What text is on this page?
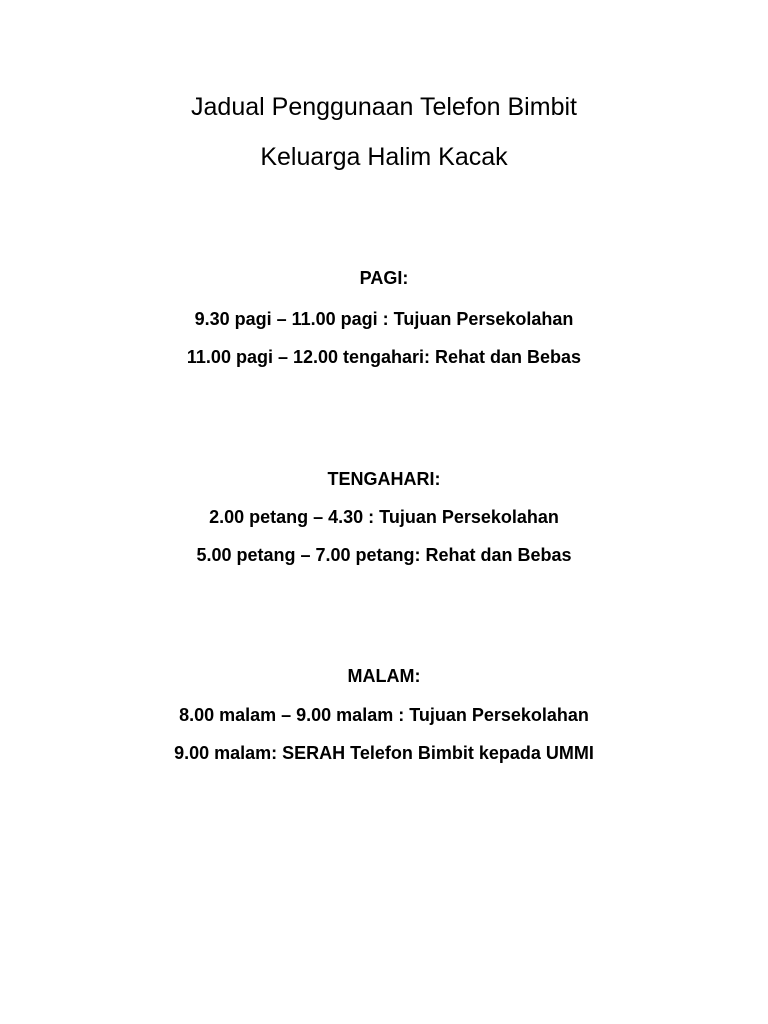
Jadual Penggunaan Telefon Bimbit
Keluarga Halim Kacak
PAGI:
9.30 pagi – 11.00 pagi : Tujuan Persekolahan
11.00 pagi – 12.00 tengahari: Rehat dan Bebas
TENGAHARI:
2.00 petang – 4.30 : Tujuan Persekolahan
5.00 petang – 7.00 petang: Rehat dan Bebas
MALAM:
8.00 malam – 9.00 malam : Tujuan Persekolahan
9.00 malam: SERAH Telefon Bimbit kepada UMMI
